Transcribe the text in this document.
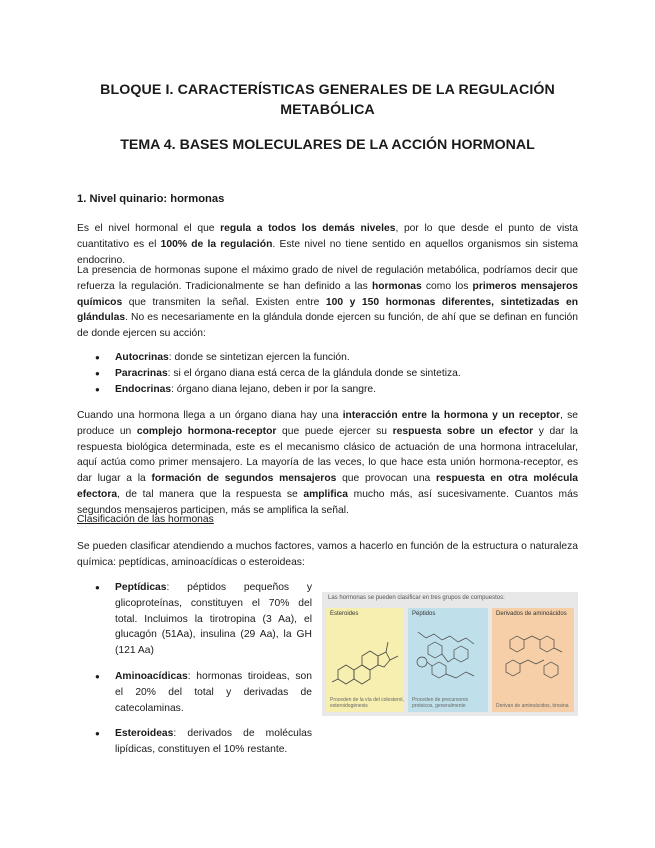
BLOQUE I. CARACTERÍSTICAS GENERALES DE LA REGULACIÓN METABÓLICA
TEMA 4. BASES MOLECULARES DE LA ACCIÓN HORMONAL
1. Nivel quinario: hormonas
Es el nivel hormonal el que regula a todos los demás niveles, por lo que desde el punto de vista cuantitativo es el 100% de la regulación. Este nivel no tiene sentido en aquellos organismos sin sistema endocrino.
La presencia de hormonas supone el máximo grado de nivel de regulación metabólica, podríamos decir que refuerza la regulación. Tradicionalmente se han definido a las hormonas como los primeros mensajeros químicos que transmiten la señal. Existen entre 100 y 150 hormonas diferentes, sintetizadas en glándulas. No es necesariamente en la glándula donde ejercen su función, de ahí que se definan en función de donde ejercen su acción:
● Autocrinas: donde se sintetizan ejercen la función.
● Paracrinas: si el órgano diana está cerca de la glándula donde se sintetiza.
● Endocrinas: órgano diana lejano, deben ir por la sangre.
Cuando una hormona llega a un órgano diana hay una interacción entre la hormona y un receptor, se produce un complejo hormona-receptor que puede ejercer su respuesta sobre un efector y dar la respuesta biológica determinada, este es el mecanismo clásico de actuación de una hormona intracelular, aquí actúa como primer mensajero. La mayoría de las veces, lo que hace esta unión hormona-receptor, es dar lugar a la formación de segundos mensajeros que provocan una respuesta en otra molécula efectora, de tal manera que la respuesta se amplifica mucho más, así sucesivamente. Cuantos más segundos mensajeros participen, más se amplifica la señal.
Clasificación de las hormonas
Se pueden clasificar atendiendo a muchos factores, vamos a hacerlo en función de la estructura o naturaleza química: peptídicas, aminoacídicas o esteroideas:
● Peptídicas: péptidos pequeños y glicoproteínas, constituyen el 70% del total. Incluimos la tirotropina (3 Aa), el glucagón (51Aa), insulina (29 Aa), la GH (121 Aa)
● Aminoacídicas: hormonas tiroideas, son el 20% del total y derivadas de catecolaminas.
● Esteroideas: derivados de moléculas lipídicas, constituyen el 10% restante.
Las hormonas se pueden clasificar en tres grupos de compuestos:
Esteroides
Proceden de la vía del colesterol, esteroidogénesis
Péptidos
Proceden de precursores proteicos, generalmente
Derivados de aminoácidos
Derivan de aminoácidos, tirosina
